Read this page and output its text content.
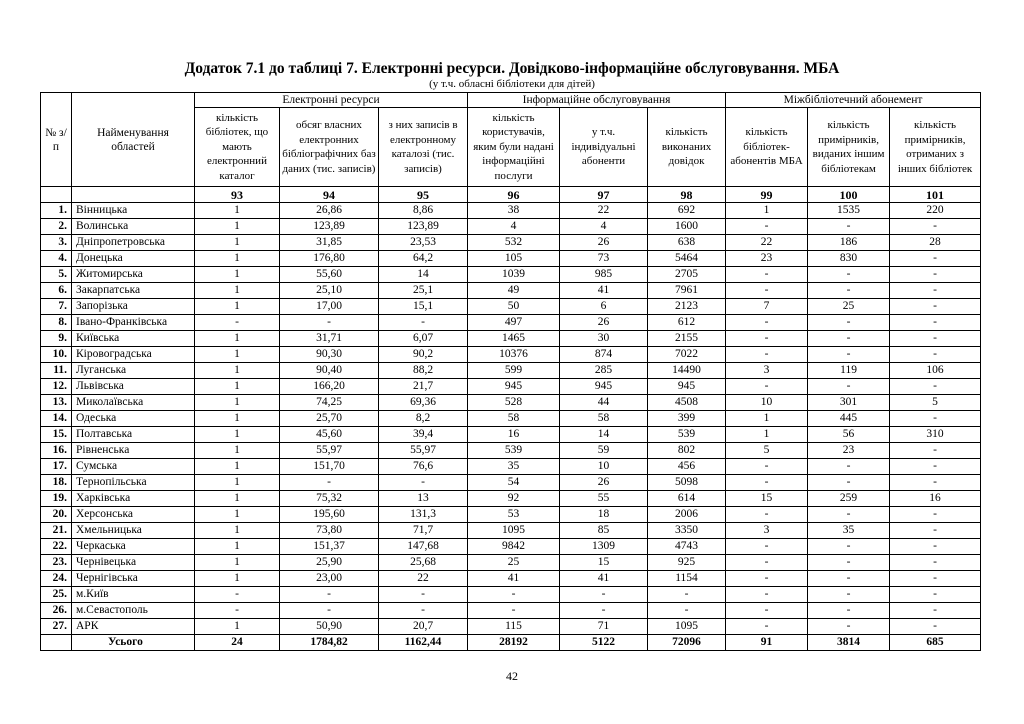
Додаток 7.1 до таблиці 7. Електронні ресурси. Довідково-інформаційне обслуговування. МБА
(у т.ч. обласні бібліотеки для дітей)
№ з/п	Найменування областей	Електронні ресурси			Інформаційне обслуговування			Міжбібліотечний абонемент		
		кількість бібліотек, що мають електронний каталог	обсяг власних електронних бібліографічних баз даних (тис. записів)	з них записів в електронному каталозі (тис. записів)	кількість користувачів, яким були надані інформаційні послуги	у т.ч. індивідуальні абоненти	кількість виконаних довідок	кількість бібліотек-абонентів МБА	кількість примірників, виданих іншим бібліотекам	кількість примірників, отриманих з інших бібліотек
		93	94	95	96	97	98	99	100	101
1.	Вінницька	1	26,86	8,86	38	22	692	1	1535	220
2.	Волинська	1	123,89	123,89	4	4	1600	-	-	-
3.	Дніпропетровська	1	31,85	23,53	532	26	638	22	186	28
4.	Донецька	1	176,80	64,2	105	73	5464	23	830	-
5.	Житомирська	1	55,60	14	1039	985	2705	-	-	-
6.	Закарпатська	1	25,10	25,1	49	41	7961	-	-	-
7.	Запорізька	1	17,00	15,1	50	6	2123	7	25	-
8.	Івано-Франківська	-	-	-	497	26	612	-	-	-
9.	Київська	1	31,71	6,07	1465	30	2155	-	-	-
10.	Кіровоградська	1	90,30	90,2	10376	874	7022	-	-	-
11.	Луганська	1	90,40	88,2	599	285	14490	3	119	106
12.	Львівська	1	166,20	21,7	945	945	945	-	-	-
13.	Миколаївська	1	74,25	69,36	528	44	4508	10	301	5
14.	Одеська	1	25,70	8,2	58	58	399	1	445	-
15.	Полтавська	1	45,60	39,4	16	14	539	1	56	310
16.	Рівненська	1	55,97	55,97	539	59	802	5	23	-
17.	Сумська	1	151,70	76,6	35	10	456	-	-	-
18.	Тернопільська	1	-	-	54	26	5098	-	-	-
19.	Харківська	1	75,32	13	92	55	614	15	259	16
20.	Херсонська	1	195,60	131,3	53	18	2006	-	-	-
21.	Хмельницька	1	73,80	71,7	1095	85	3350	3	35	-
22.	Черкаська	1	151,37	147,68	9842	1309	4743	-	-	-
23.	Чернівецька	1	25,90	25,68	25	15	925	-	-	-
24.	Чернігівська	1	23,00	22	41	41	1154	-	-	-
25.	м.Київ	-	-	-	-	-	-	-	-	-
26.	м.Севастополь	-	-	-	-	-	-	-	-	-
27.	АРК	1	50,90	20,7	115	71	1095	-	-	-
	Усього	24	1784,82	1162,44	28192	5122	72096	91	3814	685
42
